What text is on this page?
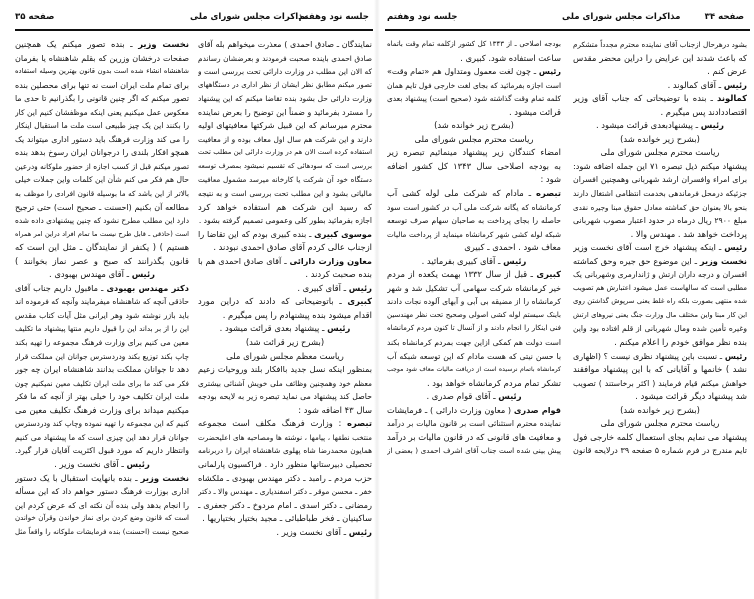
صفحه ۳۵	مذاکرات مجلس شورای ملی
جلسه نود وهفتم
نمایندگان ـ صادق احمدی ) معذرت میخواهم بله آقای
صادق احمدی باینده صحبت فرمودند و بعرضشان رساندم
که الان این مطلب در وزارت دارائی تحت بررسی است و
تصور میکنم مطابق نظر ایشان از نظر اداری در دستگاههای
وزارت دارائی حل بشود بنده تقاضا میکنم که این پیشنهاد
را مسترد بفرمائید و ضمناً این توضیح را بعرض نماینده
محترم میرسانم که این قبیل شرکتها معافیتهای اولیه
دارند و این شرکت هم سال اول معاف بوده و از معافیت
استفاده کرده است الان هم در وزارت دارائی این مطلب تحت
بررسی است که سودهائی که تقسیم نمیشود بمصرف توسعه
دستگاه خود آن شرکت یا کارخانه میرسد مشمول معافیت
مالیاتی بشود و این مطلب تحت بررسی است و به نتیجه
که رسید این شرکت هم استفاده خواهد کرد
اجازه بفرمائید بطور کلی وعمومی تصمیم گرفته بشود .
موسوی کبیری ـ بنده کبیری بودم که این تقاضا را
ازجناب عالی کردم آقای صادق احمدی نبودند .
معاون وزارت دارائی ـ آقای صادق احمدی هم با
بنده صحبت کردند .
رئیس ـ آقای کبیری .
کبیری ـ باتوضیحاتی که دادند که دراین مورد
اقدام میشود بنده پیشنهادم را پس میگیرم .
رئیس ـ پیشنهاد بعدی قرائت میشود .
(بشرح زیر قرائت شد)
ریاست معظم مجلس شورای ملی
بمنظور اینکه نسل جدید باافکار بلند وروحیات زعیم
معظم خود وهمچنین وظائف ملی خویش آشنائی بیشتری
حاصل کند پیشنهاد می نماید تبصره زیر به لایحه بودجه
سال ۴۳ اضافه شود :
تبصره : وزارت فرهنگ مکلف است مجموعه
منتخب نطقها ، پیامها ، نوشته ها ومصاحبه های اعلیحضرت
همایون محمدرضا شاه پهلوی شاهنشاه ایران را دربرنامه
تحصیلی دبیرستانها منظور دارد . فراکسیون پارلمانی
حزب مردم ـ رامبد ـ دکتر مهندس بهبودی ـ ملکشاه
خفر ـ محسن موقر ـ دکتر اسفندیاری ـ مهندس والا ـ دکتر
رمضانی ـ دکتر اسدی ـ امام مردوخ ـ دکتر جعفری ـ
ساکینیان ـ فخر طباطبائی ـ مجید بختیار بختیاریها .
رئیس ـ آقای نخست وزیر .
نخست وزیر ـ بنده تصور میکنم یک همچنین
صفحات درخشان وزرین که بقلم شاهنشاه یا بفرمان
شاهنشاه انشاء شده است بدون قانون بهترین وسیله استفاده
برای تمام ملت ایران است نه تنها برای محصلین بنده
تصور میکنم که اگر چنین قانونی را بگذرانیم تا حدی ما
معکوس عمل میکنیم یعنی اینکه موظفشان کنیم این کار
را بکنند این یک چیز طبیعی است ملت ما استقبال اینکار
را می کند وزارت فرهنگ باید دستور اداری میتواند یک
همچو افکار بلندی را درجوانان ایران رسوخ بدهد بنده
تصور میکنم قبل از کسب اجازه از حضور ملوکانه ودرعین
حال هم فکر می کنم شأن این کلمات واین جملات خیلی
بالاتر از این باشد که ما بوسیله قانون افرادی را موظف به
مطالعه آن بکنیم (احسنت ـ صحیح است) حتی ترجیح
دارد این مطلب مطرح نشود که چنین پیشنهادی داده شده
است (حاذقی ـ قابل طرح نیست ما تمام افراد دراین امر همراه
هستیم ) ( یکنفر از نمایندگان ـ مثل این است که
قانون بگذرانند که صبح و عصر نماز بخوانند )
رئیس ـ آقای مهندس بهبودی .
دکتر مهندس بهبودی ـ ماقبول داریم جناب آقای
حاذقی آنچه که شاهنشاه میفرمایند وآنچه که فرموده اند
باید بازر نوشته شود وهر ایرانی مثل آیات کتاب مقدس
این را از بر بداند این را قبول داریم منتها پیشنهاد ما تکلیف
معین می کنیم برای وزارت فرهنگ مجموعه را تهیه بکند
چاپ بکند توزیع بکند ودردسترس جوانان این مملکت قرار
دهد تا جوانان مملکت بدانند شاهنشاه ایران چه جور
فکر می کند ما برای ملت ایران تکلیف معین نمیکنیم چون
ملت ایران تکلیف خود را خیلی بهتر از آنچه که ما فکر
میکنیم میداند برای وزارت فرهنگ تکلیف معین می
کنیم که این مجموعه را تهیه نموده وچاپ کند ودردسترس
جوانان قرار دهد این چیزی است که ما پیشنهاد می کنیم
وانتظار داریم که مورد قبول اکثریت آقایان قرار گیرد.
رئیس ـ آقای نخست وزیر .
نخست وزیر ـ بنده بانهایت استقبال با یک دستور
اداری بوزارت فرهنگ دستور خواهم داد که این مسأله
را انجام بدهد ولی بنده آن نکته ای که عرض کردم این
است که قانون وضع کردن برای نماز خواندن وقرآن خواندن
صحیح نیست (احسنت) بنده فرمایشات ملوکانه را واقعاً مثل
صفحه ۳۴
مذاکرات مجلس شورای ملی
جلسه نود وهفتم
بشود درهرحال ازجناب آقای نماینده محترم مجدداً متشکرم
که باعث شدند این عرایض را دراین محضر مقدس
عرض کنم .
رئیس ـ آقای کمالوند .
کمالوند ـ بنده با توضیحاتی که جناب آقای وزیر
اقتصاددادند پس میگیرم .
رئیس ـ پیشنهادبعدی قرائت میشود .
(بشرح زیر خوانده شد)
ریاست محترم مجلس شورای ملی
پیشنهاد میکنم ذیل تبصره ۷۱ این جمله اضافه شود:
برای امراء وافسران ارشد شهربانی وهمچنین افسران
جزئیکه درمحل فرماندهی بخدمت انتظامی اشتغال دارند
بنحو بالا بعنوان حق کماشته معادل حقوق مبنا وجیره نقدی
مبلغ ۲۹۰۰ ریال درماه در حدود اعتبار مصوب شهربانی
پرداخت خواهد شد . مهندس والا .
رئیس ـ اینکه پیشنهاد خرج است آقای نخست وزیر
نخست وزیر ـ این موضوع حق جیره وحق کماشته
افسران و درجه داران ارتش و ژاندارمری وشهربانی یک
مطلبی است که سالهاست عمل میشود اعتبارش هم تصویب
شده منتهی بصورت بلکه راه غلط یعنی سرپوش گذاشتن روی
این کار مبنا واین مختلف مال وزارت جنگ یعنی نیروهای ارتش
وغیره تأمین شده ومال شهربانی از قلم افتاده بود واین
بنده نظر موافق خودم را اعلام میکنم .
رئیس ـ نسبت باین پیشنهاد نظری نیست ؟ (اظهاری
نشد ) خانمها و آقایانی که با این پیشنهاد موافقند
خواهش میکنم قیام فرمایند ( اکثر برخاستند ) تصویب
شد پیشنهاد دیگر قرائت میشود .
(بشرح زیر خوانده شد)
ریاست محترم مجلس شورای ملی
پیشنهاد می نمایم بجای استعمال کلمه خارجی فول
تایم مندرج در فرم شماره ۵ صفحه ۳۹ درلایحه قانون
بودجه اصلاحی ـ از ۱۳۴۳ کل کشور ازکلمه تمام وقت باتماه
ساعت استفاده شود. کبیری .
رئیس ـ چون لغت معمول ومتداول هم «تمام وقت»
است اجازه بفرمائید که بجای لغت خارجی فول تایم همان
کلمه تمام وقت گذاشته شود (صحیح است) پیشنهاد بعدی
قرائت میشود .
(بشرح زیر خوانده شد)
ریاست محترم مجلس شورای ملی
امضاء کنندگان زیر پیشنهاد مینمائیم تبصره زیر
به بودجه اصلاحی سال ۱۳۴۳ کل کشور اضافه
شود :
تبصره ـ مادام که شرکت ملی لوله کشی آب
کرمانشاه که یگانه شرکت ملی آب در کشور است سود
حاصله را بجای پرداخت به صاحبان سهام صرف توسعه
شبکه لوله کشی شهر کرمانشاه مینماید از پرداخت مالیات
معاف شود . احمدی ـ کبیری
رئیس ـ آقای کبیری بفرمائید .
کبیری ـ قبل از سال ۱۳۳۲ بهمت یکعده از مردم
خیر کرمانشاه شرکت سهامی آب تشکیل شد و شهر
کرمانشاه را از مضیقه بی آبی و آبهای آلوده نجات دادند
باینک سیستم لوله کشی اصولی وصحیح تحت نظر مهندسین
فنی اینکار را انجام دادند و از آنسال تا کنون مردم کرمانشاه
است دولت هم کمکی ازاین جهت بمردم کرمانشاه بکند
با حسن نیتی که هست مادام که این توسعه شبکه آب
کرمانشاه باتمام نرسیده است از دریافت مالیات معاف شود موجب
تشکر تمام مردم کرمانشاه خواهد بود .
رئیس ـ آقای قوام صدری .
قوام صدری ( معاون وزارت دارائی ) ـ فرمایشات
نماینده محترم استثنائی است بر قانون مالیات بر درآمد
و معافیت های قانونی که در قانون مالیات بر درآمد
پیش بینی شده است جناب آقای اشرف احمدی ( بعضی از
